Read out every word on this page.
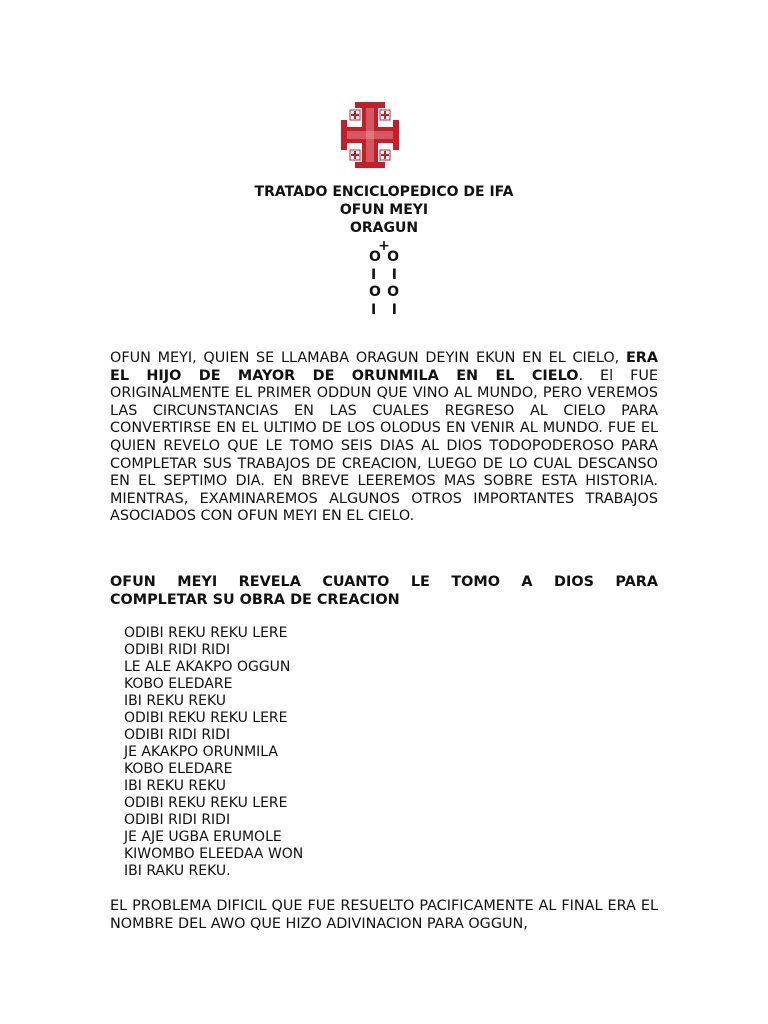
TRATADO ENCICLOPEDICO DE IFA
OFUN MEYI
ORAGUN
+
O O
I I
O O
I I
OFUN MEYI, QUIEN SE LLAMABA ORAGUN DEYIN EKUN EN EL CIELO, ERA EL HIJO DE MAYOR DE ORUNMILA EN EL CIELO. El FUE ORIGINALMENTE EL PRIMER ODDUN QUE VINO AL MUNDO, PERO VEREMOS LAS CIRCUNSTANCIAS EN LAS CUALES REGRESO AL CIELO PARA CONVERTIRSE EN EL ULTIMO DE LOS OLODUS EN VENIR AL MUNDO. FUE EL QUIEN REVELO QUE LE TOMO SEIS DIAS AL DIOS TODOPODEROSO PARA COMPLETAR SUS TRABAJOS DE CREACION, LUEGO DE LO CUAL DESCANSO EN EL SEPTIMO DIA. EN BREVE LEEREMOS MAS SOBRE ESTA HISTORIA. MIENTRAS, EXAMINAREMOS ALGUNOS OTROS IMPORTANTES TRABAJOS ASOCIADOS CON OFUN MEYI EN EL CIELO.
OFUN MEYI REVELA CUANTO LE TOMO A DIOS PARA
COMPLETAR SU OBRA DE CREACION
ODIBI REKU REKU LERE
ODIBI RIDI RIDI
LE ALE AKAKPO OGGUN
KOBO ELEDARE
IBI REKU REKU
ODIBI REKU REKU LERE
ODIBI RIDI RIDI
JE AKAKPO ORUNMILA
KOBO ELEDARE
IBI REKU REKU
ODIBI REKU REKU LERE
ODIBI RIDI RIDI
JE AJE UGBA ERUMOLE
KIWOMBO ELEEDAA WON
IBI RAKU REKU.
EL PROBLEMA DIFICIL QUE FUE RESUELTO PACIFICAMENTE AL FINAL ERA EL NOMBRE DEL AWO QUE HIZO ADIVINACION PARA OGGUN,
